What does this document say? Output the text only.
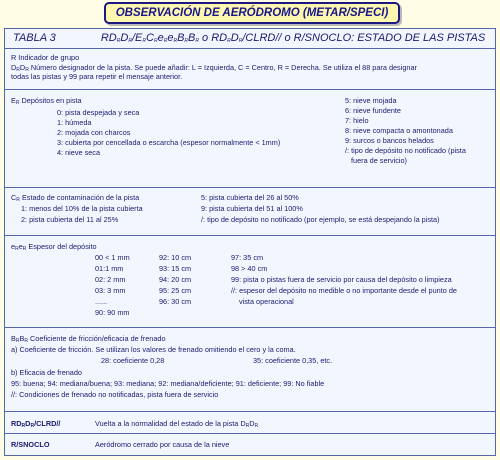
OBSERVACIÓN DE AERÓDROMO (METAR/SPECI)
TABLA 3	$RD_RD_R/E_RC_Re_Re_RB_RB_R$ o $RD_RD_R/CLRD//$ o R/SNOCLO: ESTADO DE LAS PISTAS
R Indicador de grupo
$D_RD_R$ Número designador de la pista. Se puede añadir: L = Izquierda, C = Centro, R = Derecha. Se utiliza el 88 para designar
todas las pistas y 99 para repetir el mensaje anterior.
$E_R$ Depósitos en pista
0: pista despejada y seca
1: húmeda
2: mojada con charcos
3: cubierta por cencellada o escarcha (espesor normalmente < 1mm)
4: nieve seca
5: nieve mojada
6: nieve fundente
7: hielo
8: nieve compacta o amontonada
9: surcos o bancos helados
/: tipo de depósito no notificado (pista
fuera de servicio)
$C_R$ Estado de contaminación de la pista
1: menos del 10% de la pista cubierta
2: pista cubierta del 11 al 25%
5: pista cubierta del 26 al 50%
9: pista cubierta del 51 al 100%
/: tipo de depósito no notificado (por ejemplo, se está despejando la pista)
$e_Re_R$ Espesor del depósito
00 < 1 mm
01:1 mm
02: 2 mm
03: 3 mm
......
90: 90 mm
92: 10 cm
93: 15 cm
94: 20 cm
95: 25 cm
96: 30 cm
97: 35 cm
98 > 40 cm
99: pista o pistas fuera de servicio por causa del depósito o limpieza
//: espesor del depósito no medible o no importante desde el punto de
vista operacional
$B_RB_R$ Coeficiente de fricción/eficacia de frenado
a) Coeficiente de fricción. Se utilizan los valores de frenado omitiendo el cero y la coma.
28: coeficiente 0,28	35: coeficiente 0,35, etc.
b) Eficacia de frenado
95: buena; 94: mediana/buena; 93: mediana; 92: mediana/deficiente; 91: deficiente; 99: No fiable
//: Condiciones de frenado no notificadas, pista fuera de servicio
$RD_RD_R/CLRD//$	Vuelta a la normalidad del estado de la pista $D_RD_R$
R/SNOCLO	Aeródromo cerrado por causa de la nieve
